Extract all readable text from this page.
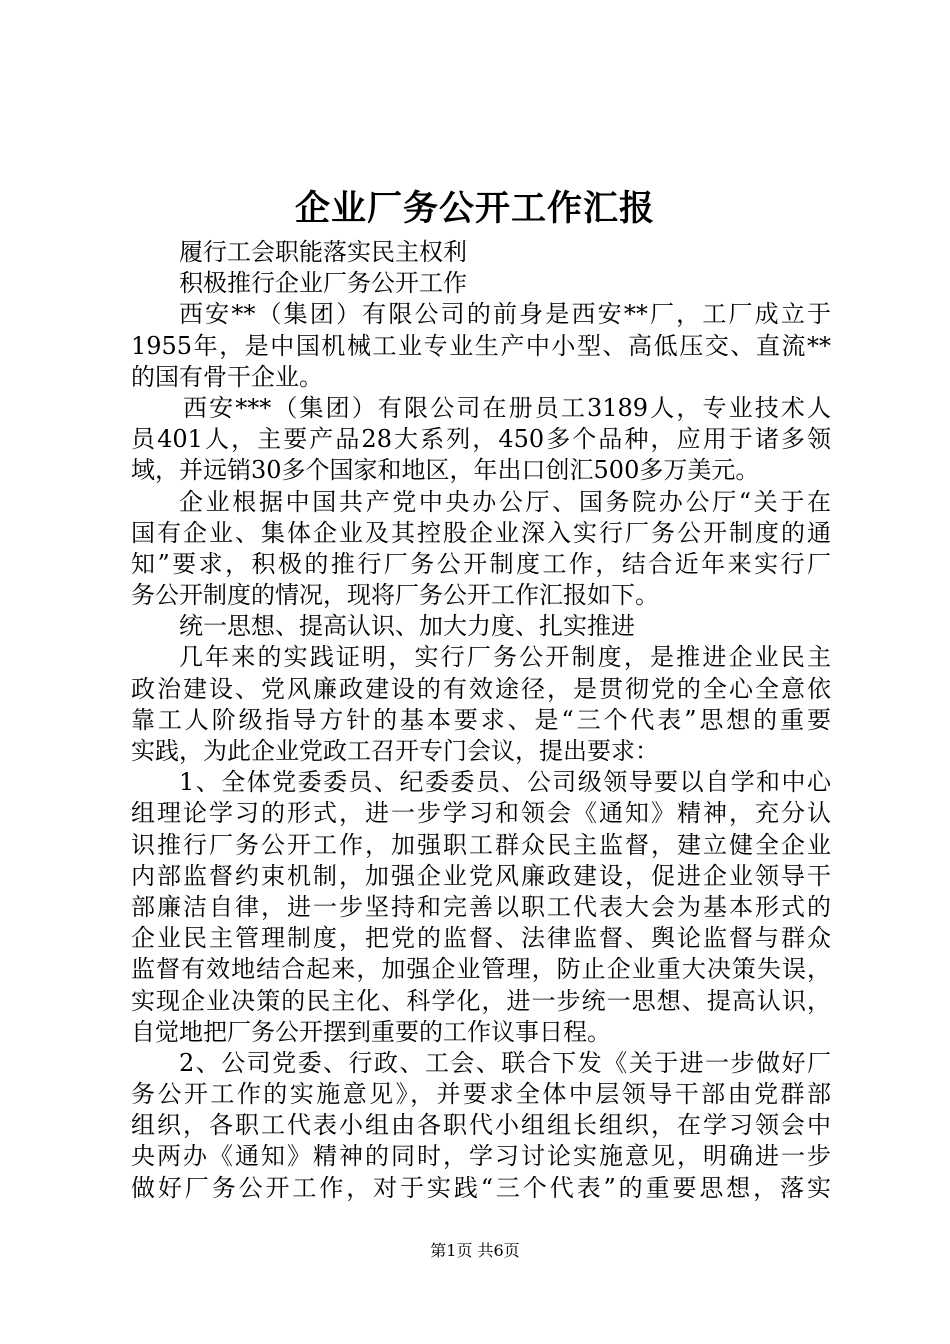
企业厂务公开工作汇报
履行工会职能落实民主权利
积极推行企业厂务公开工作
西安**（集团）有限公司的前身是西安**厂，工厂成立于
1955年，是中国机械工业专业生产中小型、高低压交、直流**
的国有骨干企业。
西安***（集团）有限公司在册员工3189人，专业技术人
员401人，主要产品28大系列，450多个品种，应用于诸多领
域，并远销30多个国家和地区，年出口创汇500多万美元。
企业根据中国共产党中央办公厅、国务院办公厅“关于在
国有企业、集体企业及其控股企业深入实行厂务公开制度的通
知”要求，积极的推行厂务公开制度工作，结合近年来实行厂
务公开制度的情况，现将厂务公开工作汇报如下。
统一思想、提高认识、加大力度、扎实推进
几年来的实践证明，实行厂务公开制度，是推进企业民主
政治建设、党风廉政建设的有效途径，是贯彻党的全心全意依
靠工人阶级指导方针的基本要求、是“三个代表”思想的重要
实践，为此企业党政工召开专门会议，提出要求：
1、全体党委委员、纪委委员、公司级领导要以自学和中心
组理论学习的形式，进一步学习和领会《通知》精神，充分认
识推行厂务公开工作，加强职工群众民主监督，建立健全企业
内部监督约束机制，加强企业党风廉政建设，促进企业领导干
部廉洁自律，进一步坚持和完善以职工代表大会为基本形式的
企业民主管理制度，把党的监督、法律监督、舆论监督与群众
监督有效地结合起来，加强企业管理，防止企业重大决策失误，
实现企业决策的民主化、科学化，进一步统一思想、提高认识，
自觉地把厂务公开摆到重要的工作议事日程。
2、公司党委、行政、工会、联合下发《关于进一步做好厂
务公开工作的实施意见》，并要求全体中层领导干部由党群部
组织，各职工代表小组由各职代小组组长组织，在学习领会中
央两办《通知》精神的同时，学习讨论实施意见，明确进一步
做好厂务公开工作，对于实践“三个代表”的重要思想，落实
第1页 共6页
